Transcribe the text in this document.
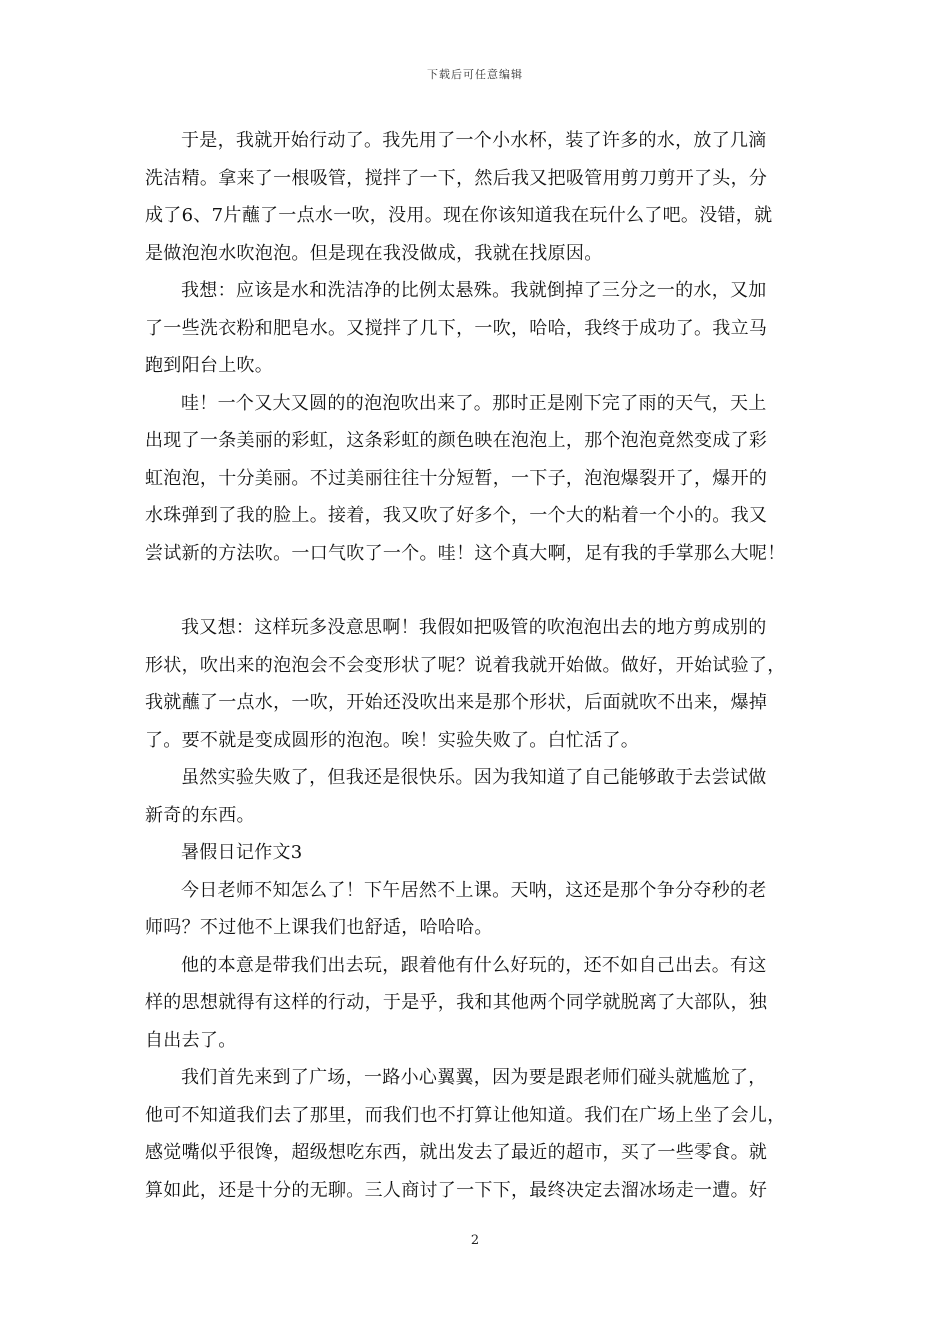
下载后可任意编辑

于是，我就开始行动了。我先用了一个小水杯，装了许多的水，放了几滴
洗洁精。拿来了一根吸管，搅拌了一下，然后我又把吸管用剪刀剪开了头，分
成了6、7片蘸了一点水一吹，没用。现在你该知道我在玩什么了吧。没错，就
是做泡泡水吹泡泡。但是现在我没做成，我就在找原因。

我想：应该是水和洗洁净的比例太悬殊。我就倒掉了三分之一的水，又加
了一些洗衣粉和肥皂水。又搅拌了几下，一吹，哈哈，我终于成功了。我立马
跑到阳台上吹。

哇！一个又大又圆的的泡泡吹出来了。那时正是刚下完了雨的天气，天上
出现了一条美丽的彩虹，这条彩虹的颜色映在泡泡上，那个泡泡竟然变成了彩
虹泡泡，十分美丽。不过美丽往往十分短暂，一下子，泡泡爆裂开了，爆开的
水珠弹到了我的脸上。接着，我又吹了好多个，一个大的粘着一个小的。我又
尝试新的方法吹。一口气吹了一个。哇！这个真大啊，足有我的手掌那么大呢！

我又想：这样玩多没意思啊！我假如把吸管的吹泡泡出去的地方剪成别的
形状，吹出来的泡泡会不会变形状了呢？说着我就开始做。做好，开始试验了，
我就蘸了一点水，一吹，开始还没吹出来是那个形状，后面就吹不出来，爆掉
了。要不就是变成圆形的泡泡。唉！实验失败了。白忙活了。

虽然实验失败了，但我还是很快乐。因为我知道了自己能够敢于去尝试做
新奇的东西。

暑假日记作文3

今日老师不知怎么了！下午居然不上课。天呐，这还是那个争分夺秒的老
师吗？不过他不上课我们也舒适，哈哈哈。

他的本意是带我们出去玩，跟着他有什么好玩的，还不如自己出去。有这
样的思想就得有这样的行动，于是乎，我和其他两个同学就脱离了大部队，独
自出去了。

我们首先来到了广场，一路小心翼翼，因为要是跟老师们碰头就尴尬了，
他可不知道我们去了那里，而我们也不打算让他知道。我们在广场上坐了会儿，
感觉嘴似乎很馋，超级想吃东西，就出发去了最近的超市，买了一些零食。就
算如此，还是十分的无聊。三人商讨了一下下，最终决定去溜冰场走一遭。好

2
